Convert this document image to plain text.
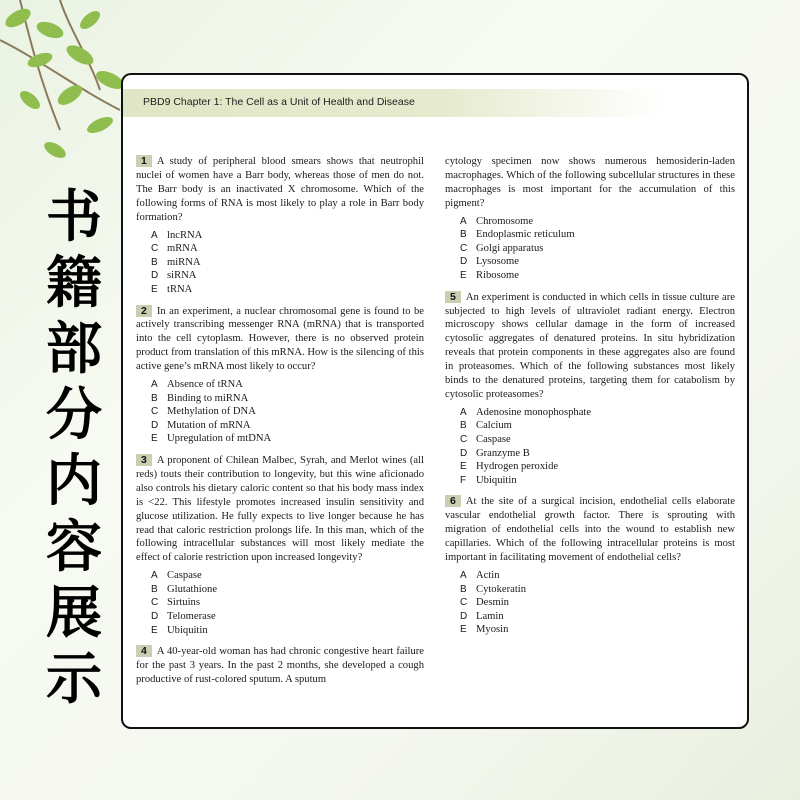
书
籍
部
分
内
容
展
示
PBD9 Chapter 1: The Cell as a Unit of Health and Disease

1 A study of peripheral blood smears shows that neutrophil nuclei of women have a Barr body, whereas those of men do not. The Barr body is an inactivated X chromosome. Which of the following forms of RNA is most likely to play a role in Barr body formation?

A lncRNA
C mRNA
B miRNA
D siRNA
E tRNA

2 In an experiment, a nuclear chromosomal gene is found to be actively transcribing messenger RNA (mRNA) that is transported into the cell cytoplasm. However, there is no observed protein product from translation of this mRNA. How is the silencing of this active gene’s mRNA most likely to occur?

A Absence of tRNA
B Binding to miRNA
C Methylation of DNA
D Mutation of mRNA
E Upregulation of mtDNA

3 A proponent of Chilean Malbec, Syrah, and Merlot wines (all reds) touts their contribution to longevity, but this wine aficionado also controls his dietary caloric content so that his body mass index is <22. This lifestyle promotes increased insulin sensitivity and glucose utilization. He fully expects to live longer because he has read that caloric restriction prolongs life. In this man, which of the following intracellular substances will most likely mediate the effect of calorie restriction upon increased longevity?

A Caspase
B Glutathione
C Sirtuins
D Telomerase
E Ubiquitin

4 A 40-year-old woman has had chronic congestive heart failure for the past 3 years. In the past 2 months, she developed a cough productive of rust-colored sputum. A sputum

cytology specimen now shows numerous hemosiderin-laden macrophages. Which of the following subcellular structures in these macrophages is most important for the accumulation of this pigment?

A Chromosome
B Endoplasmic reticulum
C Golgi apparatus
D Lysosome
E Ribosome

5 An experiment is conducted in which cells in tissue culture are subjected to high levels of ultraviolet radiant energy. Electron microscopy shows cellular damage in the form of increased cytosolic aggregates of denatured proteins. In situ hybridization reveals that protein components in these aggregates also are found in proteasomes. Which of the following substances most likely binds to the denatured proteins, targeting them for catabolism by cytosolic proteasomes?

A Adenosine monophosphate
B Calcium
C Caspase
D Granzyme B
E Hydrogen peroxide
F Ubiquitin

6 At the site of a surgical incision, endothelial cells elaborate vascular endothelial growth factor. There is sprouting with migration of endothelial cells into the wound to establish new capillaries. Which of the following intracellular proteins is most important in facilitating movement of endothelial cells?

A Actin
B Cytokeratin
C Desmin
D Lamin
E Myosin
